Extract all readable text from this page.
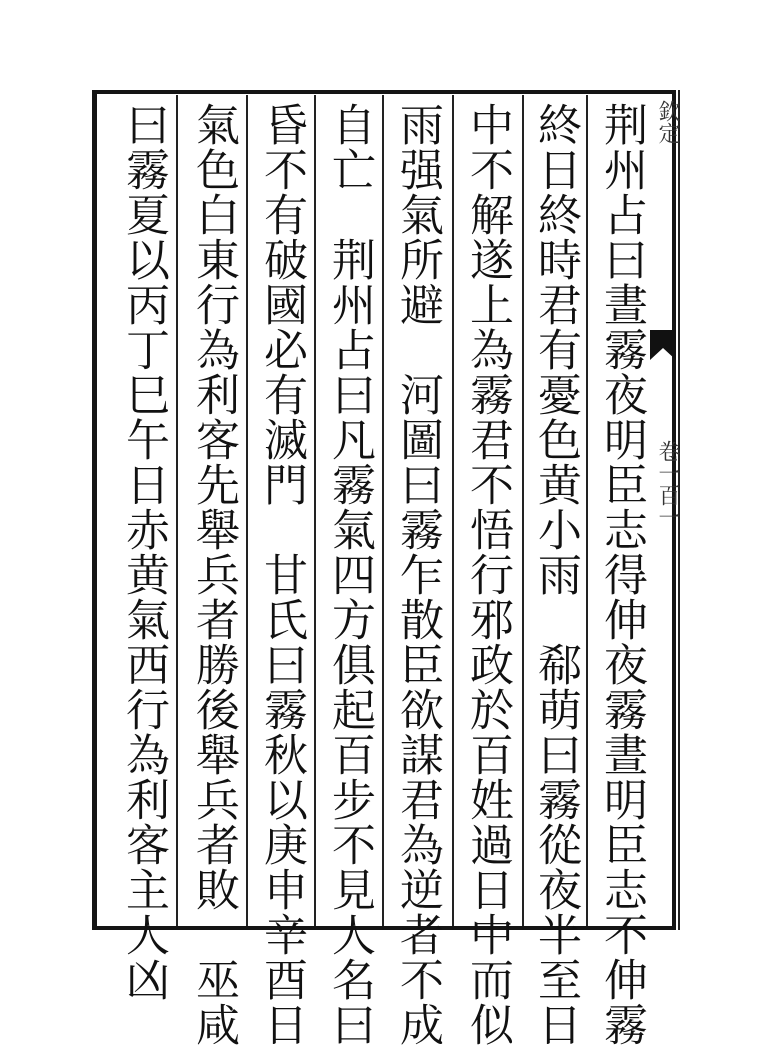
欽定
卷一百一
荆州占曰晝霧夜明臣志得伸夜霧晝明臣志不伸霧
終日終時君有憂色黄小雨　郗萌曰霧從夜半至日
中不解遂上為霧君不悟行邪政於百姓過日中而似
雨强氣所避　河圖曰霧乍散臣欲謀君為逆者不成
自亡　荆州占曰凡霧氣四方俱起百步不見人名曰
昏不有破國必有滅門　甘氏曰霧秋以庚申辛酉日
氣色白東行為利客先舉兵者勝後舉兵者敗　巫咸
曰霧夏以丙丁巳午日赤黄氣西行為利客主人凶
